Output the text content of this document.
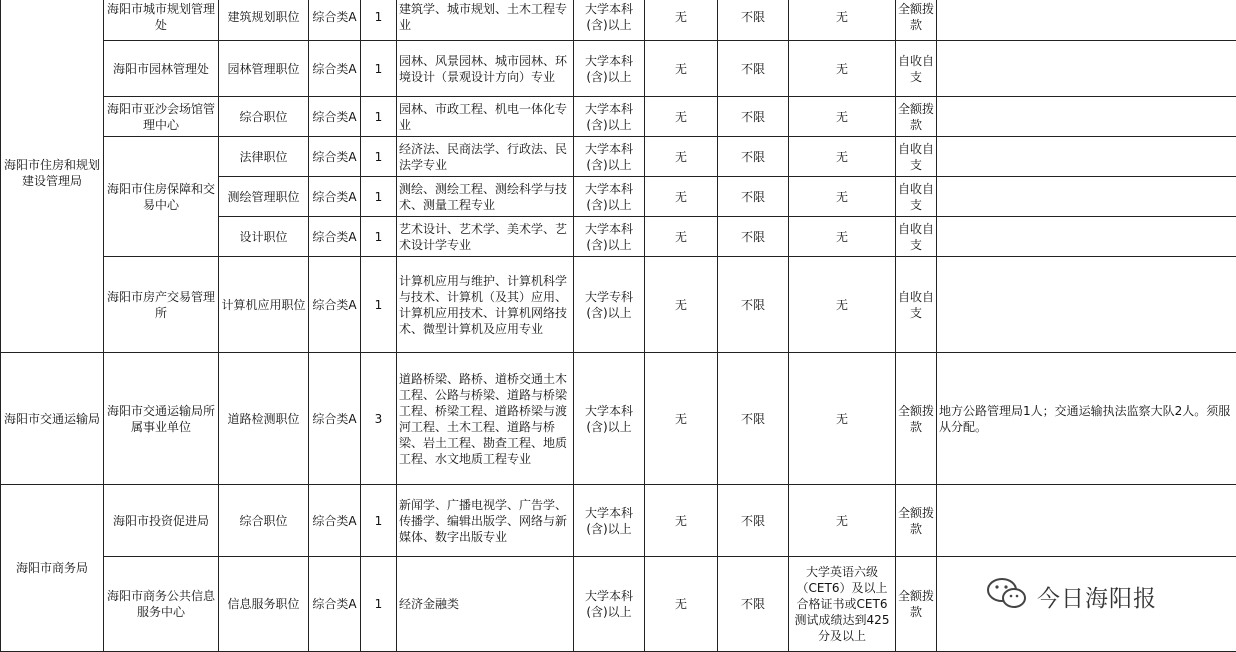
海阳市住房和规划建设管理局	海阳市城市规划管理处	建筑规划职位	综合类A	1	建筑学、城市规划、土木工程专业	大学本科(含)以上	无	不限	无	全额拨款	
	海阳市园林管理处	园林管理职位	综合类A	1	园林、风景园林、城市园林、环境设计（景观设计方向）专业	大学本科(含)以上	无	不限	无	自收自支	
	海阳市亚沙会场馆管理中心	综合职位	综合类A	1	园林、市政工程、机电一体化专业	大学本科(含)以上	无	不限	无	全额拨款	
	海阳市住房保障和交易中心	法律职位	综合类A	1	经济法、民商法学、行政法、民法学专业	大学本科(含)以上	无	不限	无	自收自支	
		测绘管理职位	综合类A	1	测绘、测绘工程、测绘科学与技术、测量工程专业	大学本科(含)以上	无	不限	无	自收自支	
		设计职位	综合类A	1	艺术设计、艺术学、美术学、艺术设计学专业	大学本科(含)以上	无	不限	无	自收自支	
	海阳市房产交易管理所	计算机应用职位	综合类A	1	计算机应用与维护、计算机科学与技术、计算机（及其）应用、计算机应用技术、计算机网络技术、微型计算机及应用专业	大学专科(含)以上	无	不限	无	自收自支	
海阳市交通运输局	海阳市交通运输局所属事业单位	道路检测职位	综合类A	3	道路桥梁、路桥、道桥交通土木工程、公路与桥梁、道路与桥梁工程、桥梁工程、道路桥梁与渡河工程、土木工程、道路与桥梁、岩土工程、勘查工程、地质工程、水文地质工程专业	大学本科(含)以上	无	不限	无	全额拨款	地方公路管理局1人；交通运输执法监察大队2人。须服从分配。
海阳市商务局	海阳市投资促进局	综合职位	综合类A	1	新闻学、广播电视学、广告学、传播学、编辑出版学、网络与新媒体、数字出版专业	大学本科(含)以上	无	不限	无	全额拨款	
	海阳市商务公共信息服务中心	信息服务职位	综合类A	1	经济金融类	大学本科(含)以上	无	不限	大学英语六级（CET6）及以上合格证书或CET6测试成绩达到425分及以上	全额拨款	
今日海阳报
